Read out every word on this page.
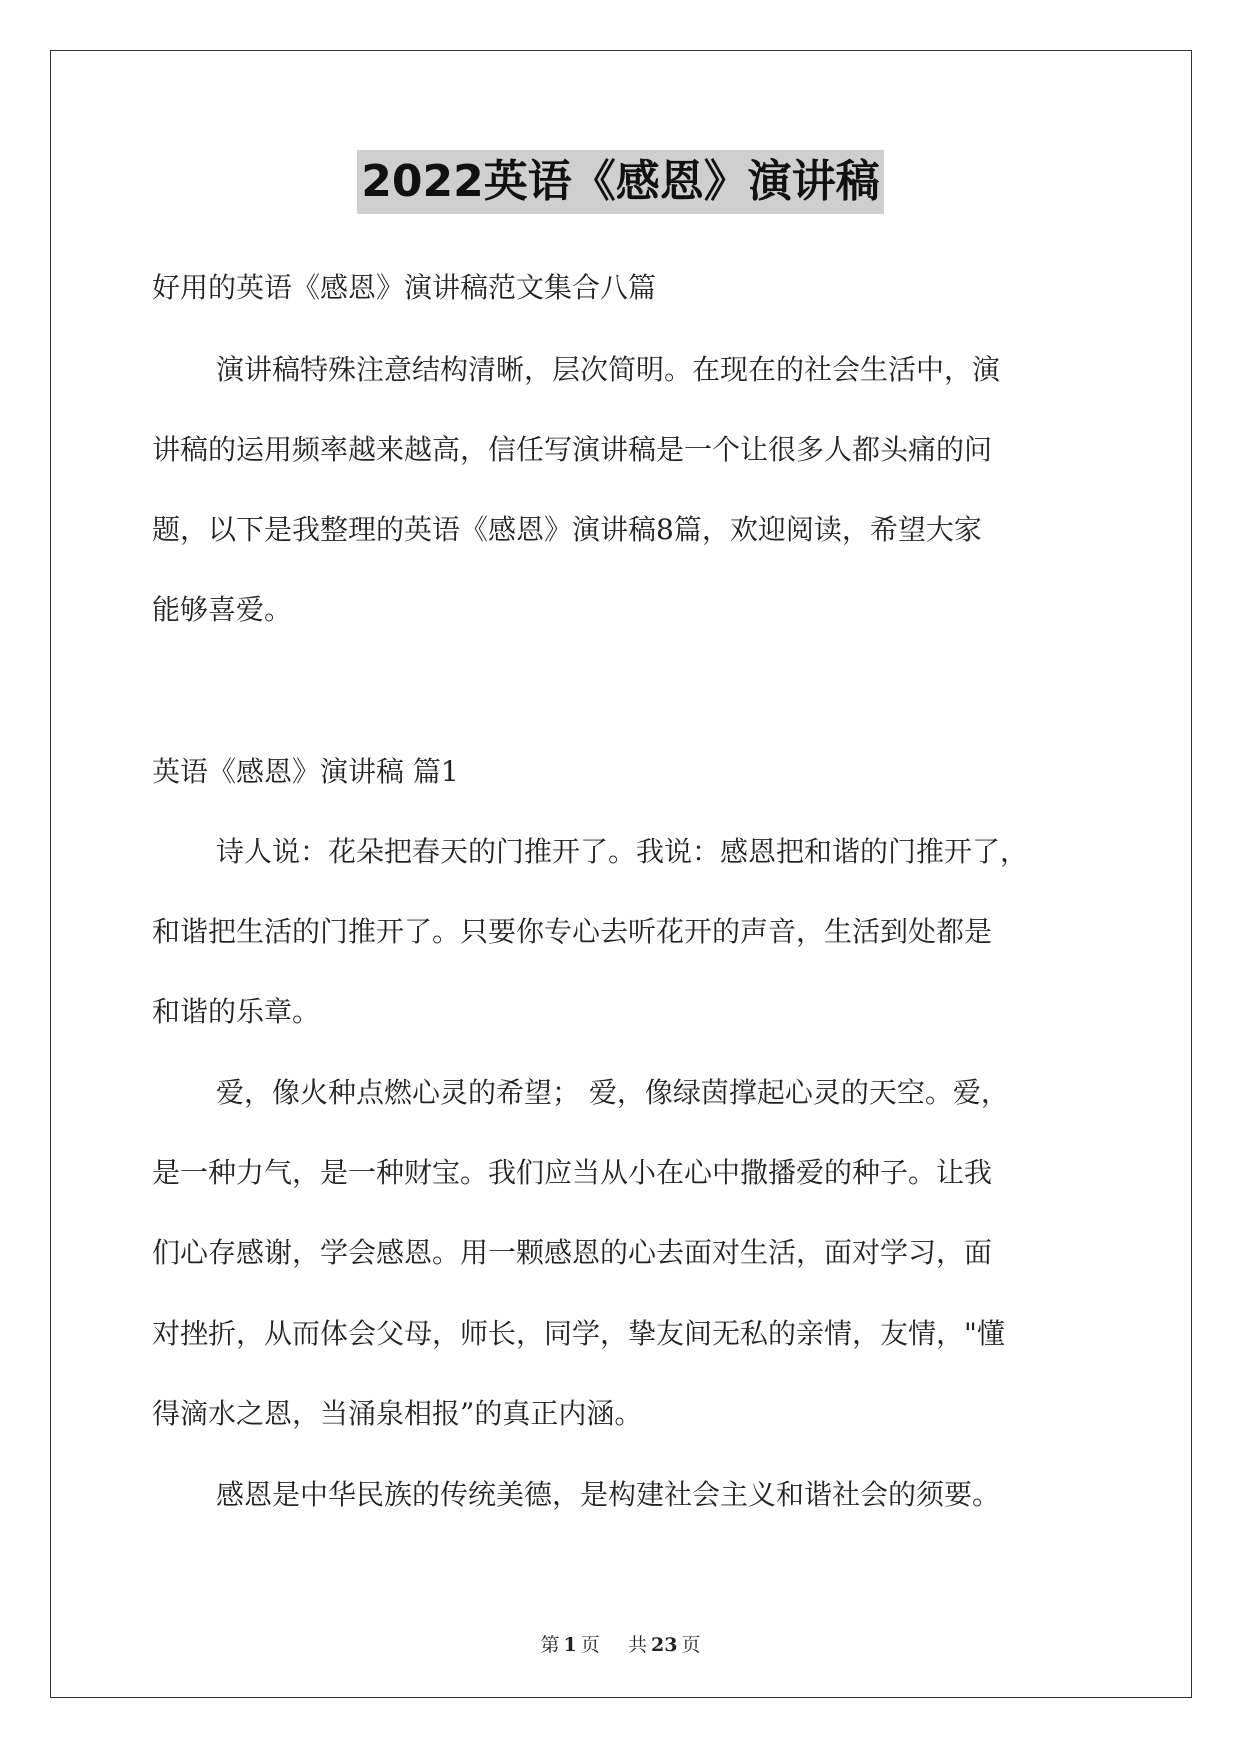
2022英语《感恩》演讲稿
好用的英语《感恩》演讲稿范文集合八篇
演讲稿特殊注意结构清晰，层次简明。在现在的社会生活中，演
讲稿的运用频率越来越高，信任写演讲稿是一个让很多人都头痛的问
题，以下是我整理的英语《感恩》演讲稿8篇，欢迎阅读，希望大家
能够喜爱。
英语《感恩》演讲稿 篇1
诗人说：花朵把春天的门推开了。我说：感恩把和谐的门推开了，
和谐把生活的门推开了。只要你专心去听花开的声音，生活到处都是
和谐的乐章。
爱，像火种点燃心灵的希望； 爱，像绿茵撑起心灵的天空。爱，
是一种力气，是一种财宝。我们应当从小在心中撒播爱的种子。让我
们心存感谢，学会感恩。用一颗感恩的心去面对生活，面对学习，面
对挫折，从而体会父母，师长，同学，挚友间无私的亲情，友情，"懂
得滴水之恩，当涌泉相报”的真正内涵。
感恩是中华民族的传统美德，是构建社会主义和谐社会的须要。
第 1 页 共 23 页
